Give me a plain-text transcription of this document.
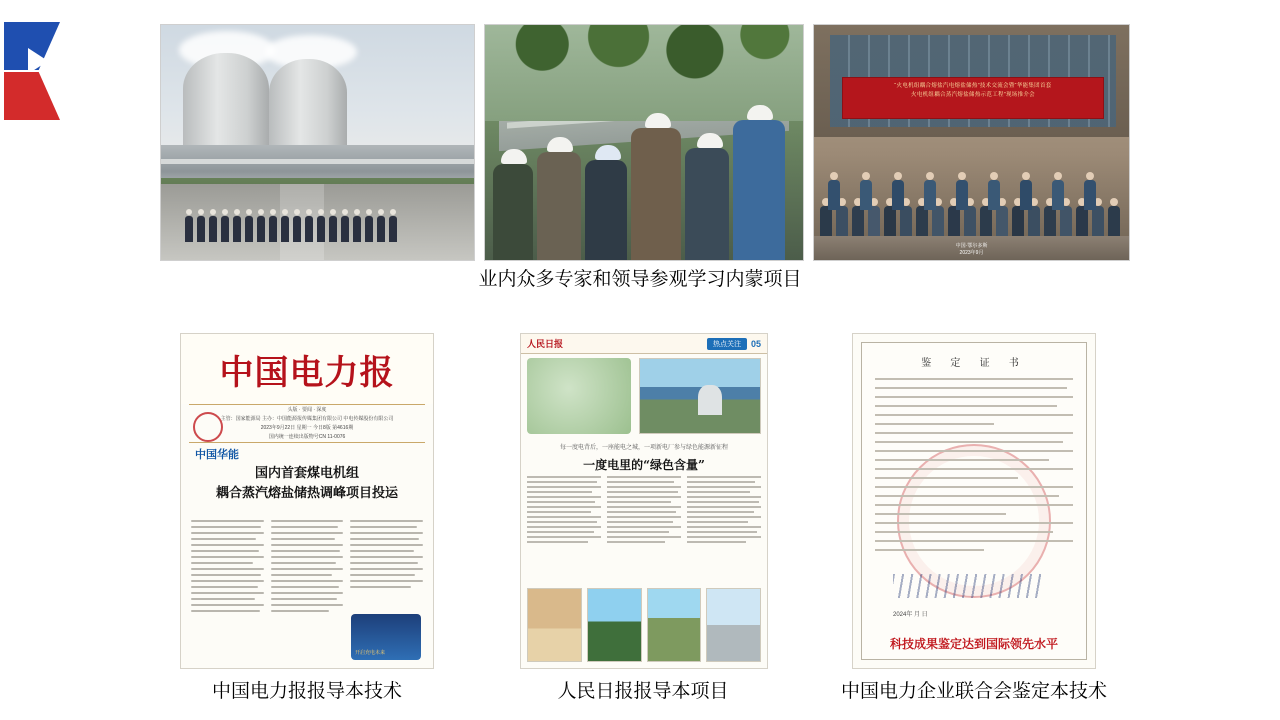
“火电机组耦合熔盐汽电熔盐储热”技术交流会暨“华能集团首套
火电机组耦合蒸汽熔盐储热示范工程”现场推介会
中国·鄂尔多斯
2023年9月
业内众多专家和领导参观学习内蒙项目
中国电力报
头版 · 要闻 · 深度
主管：国家能源局 主办：中国能源报传媒集团有限公司 中电传媒股份有限公司
2023年9月22日 星期一 今日8版 第4616期
国内统一连续出版物号CN 11-0076
中国华能
国内首套煤电机组
耦合蒸汽熔盐储热调峰项目投运
开启充电未来
人民日报	热点关注	05
每一度电背后，一座能电之城，一项新电厂参与绿色能源新征程
一度电里的“绿色含量”
鉴 定 证 书
2024年 月 日
科技成果鉴定达到国际领先水平
中国电力报报导本技术	人民日报报导本项目	中国电力企业联合会鉴定本技术
